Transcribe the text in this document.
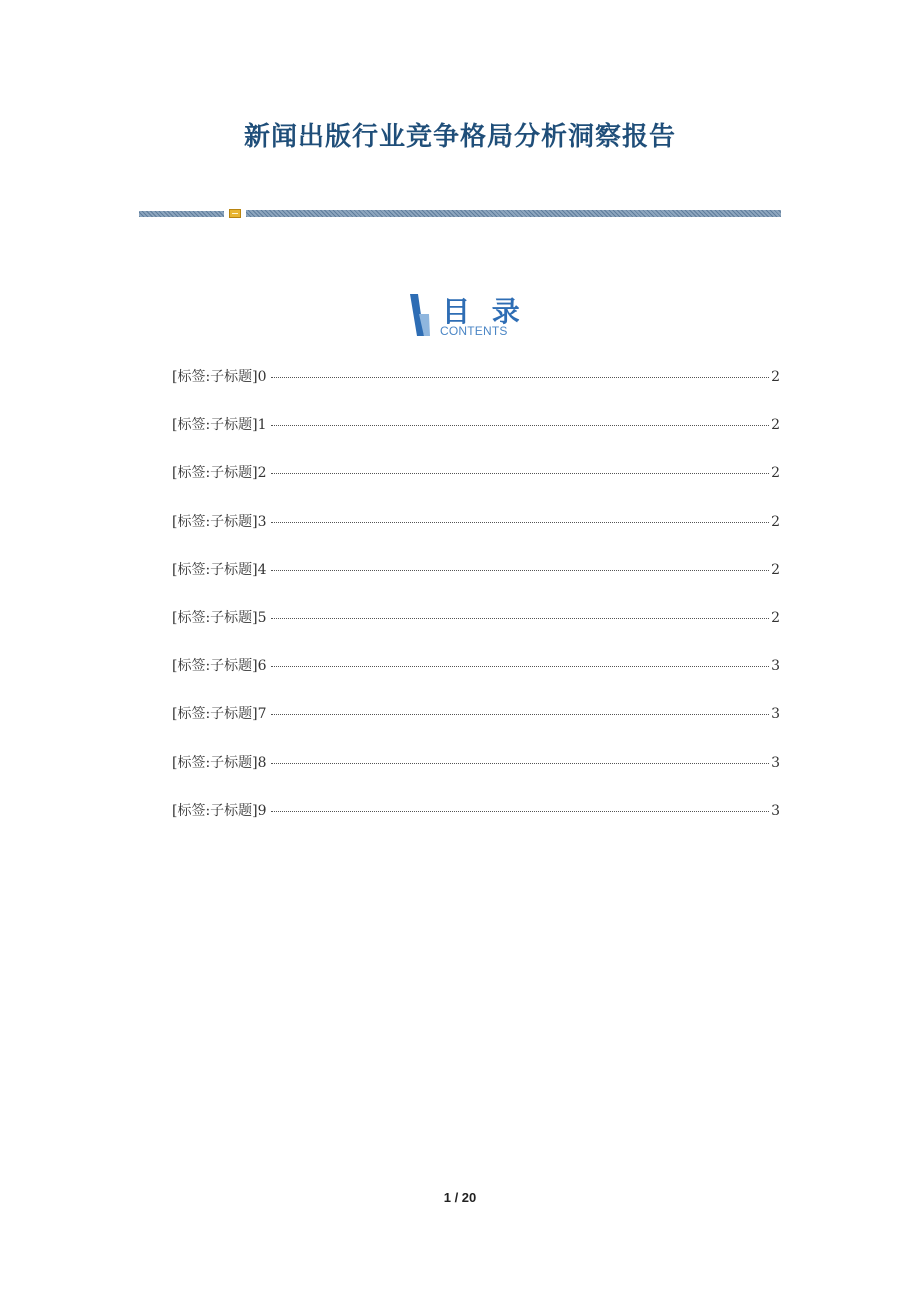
新闻出版行业竞争格局分析洞察报告
目 录
CONTENTS
[标签:子标题]0	2
[标签:子标题]1	2
[标签:子标题]2	2
[标签:子标题]3	2
[标签:子标题]4	2
[标签:子标题]5	2
[标签:子标题]6	3
[标签:子标题]7	3
[标签:子标题]8	3
[标签:子标题]9	3
1 / 20
